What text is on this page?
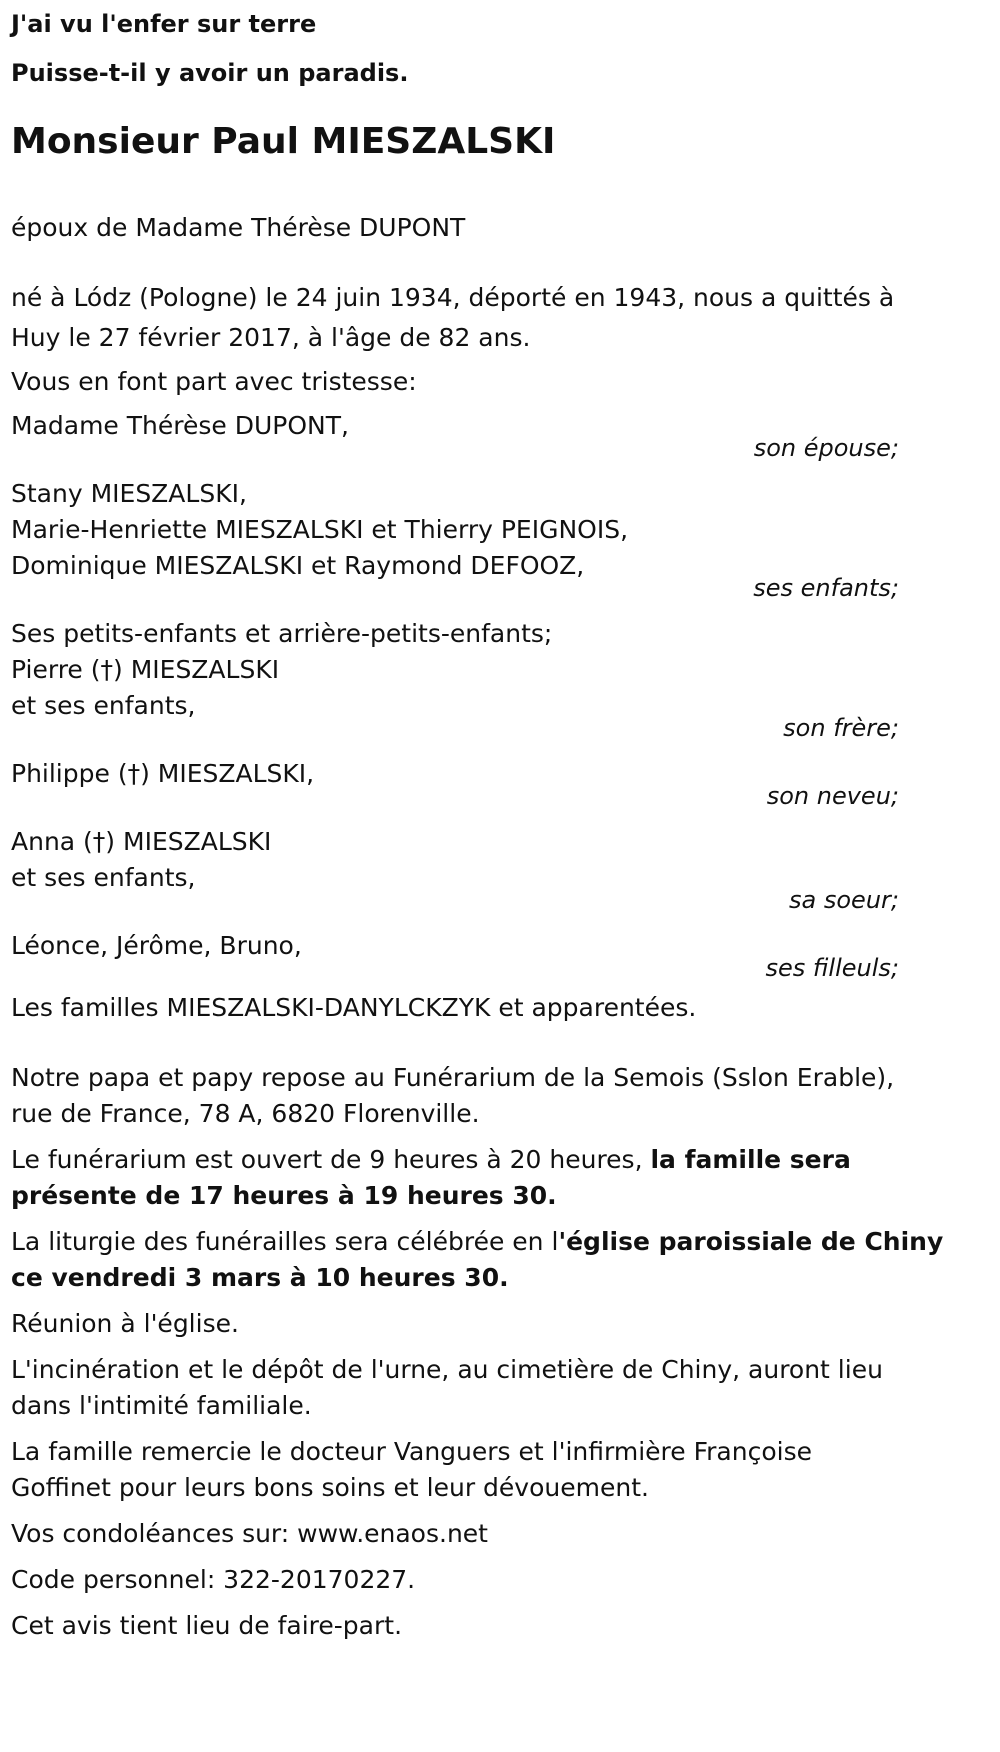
J'ai vu l'enfer sur terre
Puisse-t-il y avoir un paradis.
Monsieur Paul MIESZALSKI
époux de Madame Thérèse DUPONT
né à Lódz (Pologne) le 24 juin 1934, déporté en 1943, nous a quittés à
Huy le 27 février 2017, à l'âge de 82 ans.
Vous en font part avec tristesse:
Madame Thérèse DUPONT,
son épouse;
Stany MIESZALSKI,
Marie-Henriette MIESZALSKI et Thierry PEIGNOIS,
Dominique MIESZALSKI et Raymond DEFOOZ,
ses enfants;
Ses petits-enfants et arrière-petits-enfants;
Pierre (†) MIESZALSKI
et ses enfants,
son frère;
Philippe (†) MIESZALSKI,
son neveu;
Anna (†) MIESZALSKI
et ses enfants,
sa soeur;
Léonce, Jérôme, Bruno,
ses filleuls;
Les familles MIESZALSKI-DANYLCKZYK et apparentées.
Notre papa et papy repose au Funérarium de la Semois (Sslon Erable),
rue de France, 78 A, 6820 Florenville.
Le funérarium est ouvert de 9 heures à 20 heures, la famille sera
présente de 17 heures à 19 heures 30.
La liturgie des funérailles sera célébrée en l'église paroissiale de Chiny
ce vendredi 3 mars à 10 heures 30.
Réunion à l'église.
L'incinération et le dépôt de l'urne, au cimetière de Chiny, auront lieu
dans l'intimité familiale.
La famille remercie le docteur Vanguers et l'infirmière Françoise
Goffinet pour leurs bons soins et leur dévouement.
Vos condoléances sur: www.enaos.net
Code personnel: 322-20170227.
Cet avis tient lieu de faire-part.
